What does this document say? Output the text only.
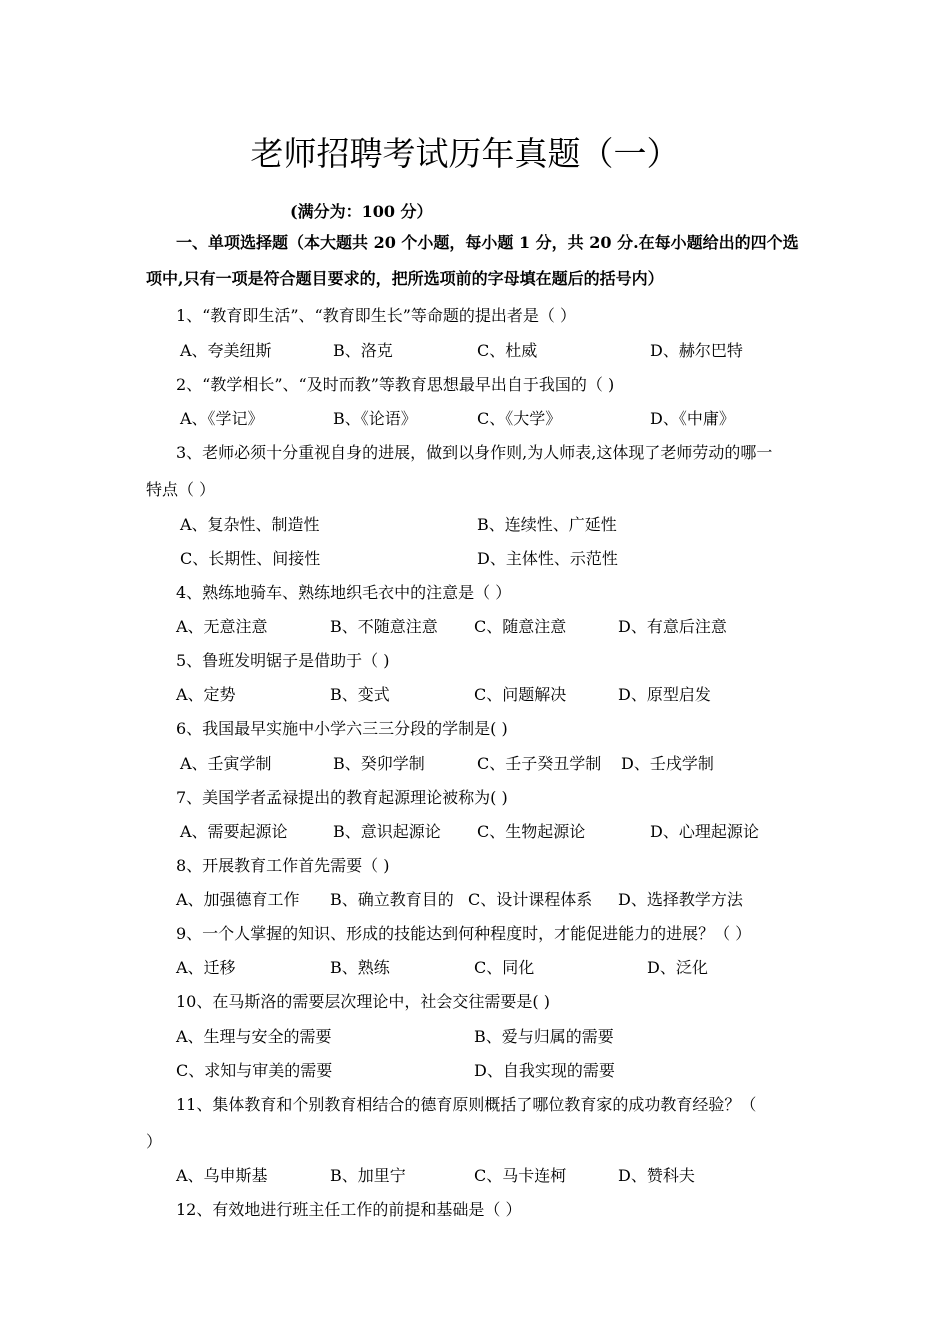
老师招聘考试历年真题（一）
(满分为：100 分）
一、单项选择题（本大题共 20 个小题，每小题 1 分，共 20 分.在每小题给出的四个选
项中,只有一项是符合题目要求的，把所选项前的字母填在题后的括号内）
1、“教育即生活”、“教育即生长”等命题的提出者是（ ）
A、夸美纽斯	B、洛克	C、杜威	D、赫尔巴特
2、“教学相长”、“及时而教”等教育思想最早出自于我国的（ )
A、《学记》	B、《论语》	C、《大学》	D、《中庸》
3、老师必须十分重视自身的进展，做到以身作则,为人师表,这体现了老师劳动的哪一
特点（ ）
A、复杂性、制造性	B、连续性、广延性
C、长期性、间接性	D、主体性、示范性
4、熟练地骑车、熟练地织毛衣中的注意是（ ）
A、无意注意	B、不随意注意 C、随意注意	D、有意后注意
5、鲁班发明锯子是借助于（ )
A、定势	B、变式	C、问题解决	D、原型启发
6、我国最早实施中小学六三三分段的学制是( )
A、壬寅学制	B、癸卯学制	C、壬子癸丑学制 D、壬戌学制
7、美国学者孟禄提出的教育起源理论被称为( )
A、需要起源论	B、意识起源论 C、生物起源论	D、心理起源论
8、开展教育工作首先需要（ )
A、加强德育工作 B、确立教育目的 C、设计课程体系 D、选择教学方法
9、一个人掌握的知识、形成的技能达到何种程度时，才能促进能力的进展？（ ）
A、迁移	B、熟练	C、同化	D、泛化
10、在马斯洛的需要层次理论中，社会交往需要是( )
A、生理与安全的需要	B、爱与归属的需要
C、求知与审美的需要	D、自我实现的需要
11、集体教育和个别教育相结合的德育原则概括了哪位教育家的成功教育经验？（
）
A、乌申斯基	B、加里宁	C、马卡连柯	D、赞科夫
12、有效地进行班主任工作的前提和基础是（ ）
